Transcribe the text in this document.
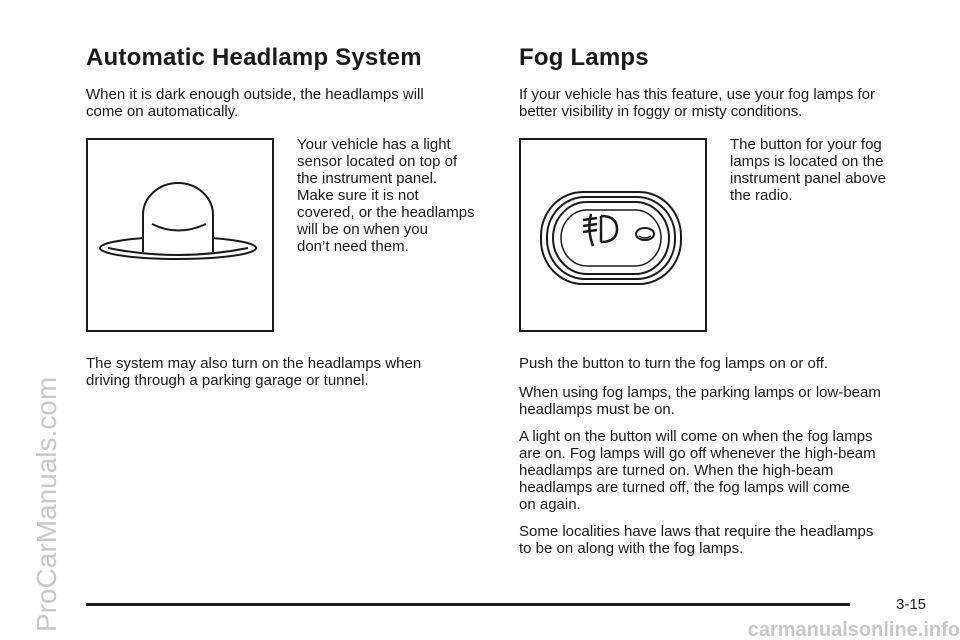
ProCarManuals.com	carmanualsonline.info
Automatic Headlamp System

When it is dark enough outside, the headlamps will
come on automatically.

Your vehicle has a light
sensor located on top of
the instrument panel.
Make sure it is not
covered, or the headlamps
will be on when you
don’t need them.

The system may also turn on the headlamps when
driving through a parking garage or tunnel.

Fog Lamps

If your vehicle has this feature, use your fog lamps for
better visibility in foggy or misty conditions.

The button for your fog
lamps is located on the
instrument panel above
the radio.

Push the button to turn the fog lamps on or off.

When using fog lamps, the parking lamps or low-beam
headlamps must be on.

A light on the button will come on when the fog lamps
are on. Fog lamps will go off whenever the high-beam
headlamps are turned on. When the high-beam
headlamps are turned off, the fog lamps will come
on again.

Some localities have laws that require the headlamps
to be on along with the fog lamps.

3-15
